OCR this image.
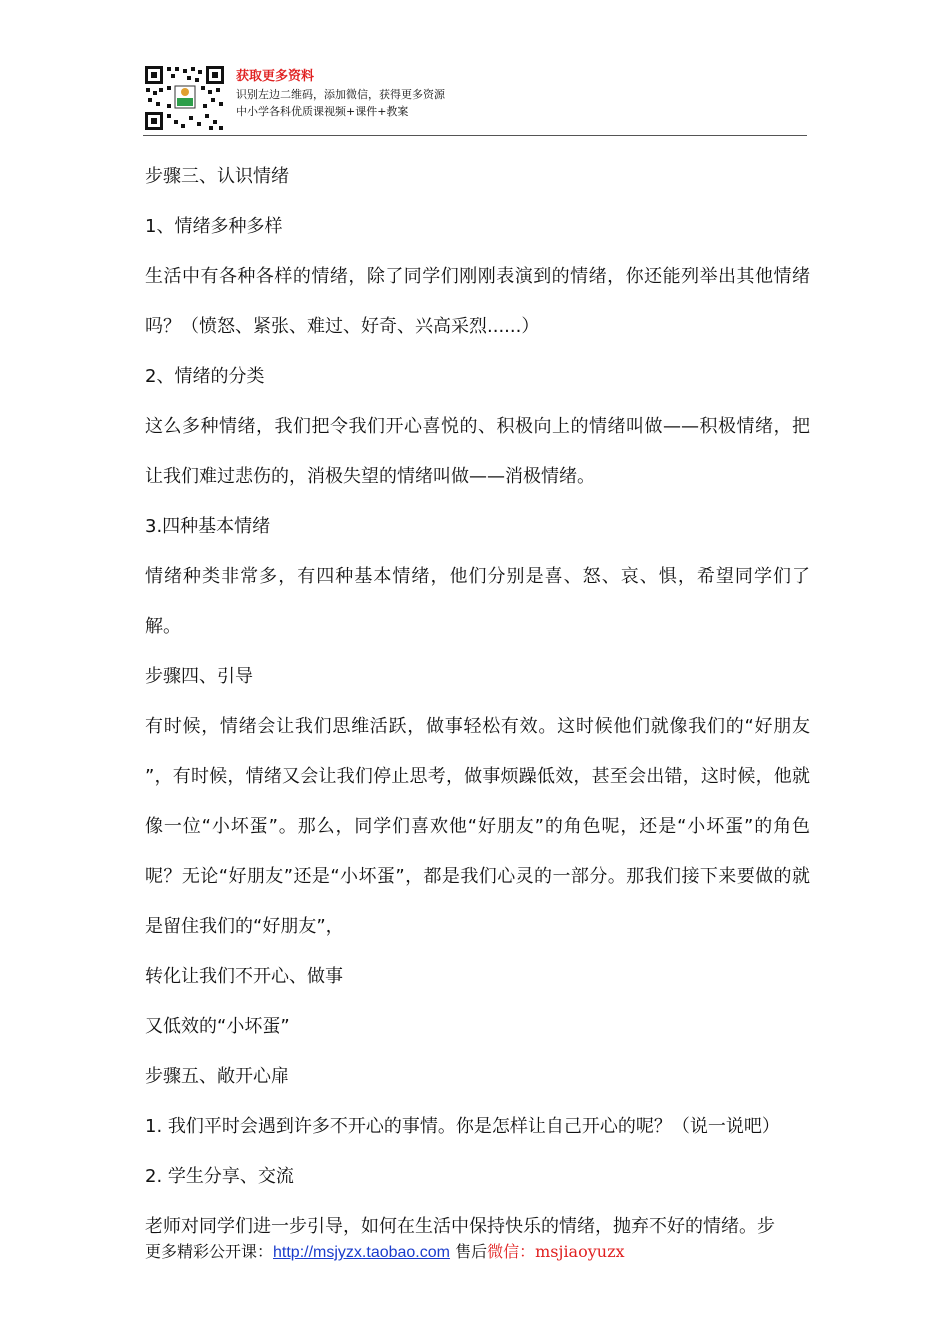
获取更多资料
识别左边二维码，添加微信，获得更多资源
中小学各科优质课视频+课件+教案

步骤三、认识情绪

1、情绪多种多样

生活中有各种各样的情绪，除了同学们刚刚表演到的情绪，你还能列举出其他情绪吗？（愤怒、紧张、难过、好奇、兴高采烈......）

2、情绪的分类

这么多种情绪，我们把令我们开心喜悦的、积极向上的情绪叫做——积极情绪，把让我们难过悲伤的，消极失望的情绪叫做——消极情绪。

3.四种基本情绪

情绪种类非常多，有四种基本情绪，他们分别是喜、怒、哀、惧，希望同学们了解。

步骤四、引导

有时候，情绪会让我们思维活跃，做事轻松有效。这时候他们就像我们的“好朋友 ”，有时候，情绪又会让我们停止思考，做事烦躁低效，甚至会出错，这时候，他就像一位“小坏蛋”。那么，同学们喜欢他“好朋友”的角色呢，还是“小坏蛋”的角色呢？无论“好朋友”还是“小坏蛋”，都是我们心灵的一部分。那我们接下来要做的就是留住我们的“好朋友”，

转化让我们不开心、做事

又低效的“小坏蛋”

步骤五、敞开心扉

1. 我们平时会遇到许多不开心的事情。你是怎样让自己开心的呢？（说一说吧）

2. 学生分享、交流

老师对同学们进一步引导，如何在生活中保持快乐的情绪，抛弃不好的情绪。步

更多精彩公开课：http://msjyzx.taobao.com 售后微信：msjiaoyuzx
